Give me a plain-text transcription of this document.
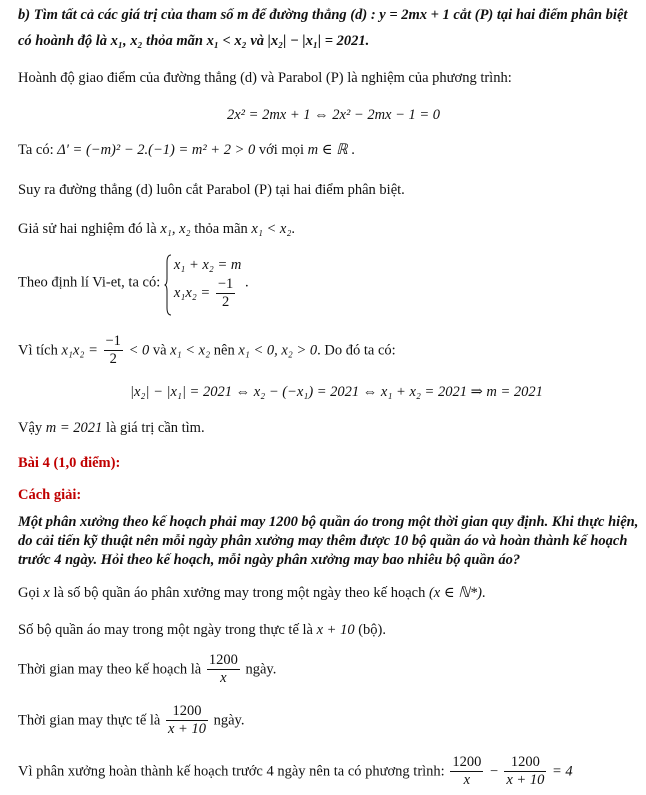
b) Tìm tất cả các giá trị của tham số m để đường thẳng (d) : y = 2mx + 1 cắt (P) tại hai điểm phân biệt
có hoành độ là x₁, x₂ thỏa mãn x₁ < x₂ và |x₂| − |x₁| = 2021.
Hoành độ giao điểm của đường thẳng (d) và Parabol (P) là nghiệm của phương trình:
2x² = 2mx + 1 ⇔ 2x² − 2mx − 1 = 0
Ta có: Δ′ = (−m)² − 2.(−1) = m² + 2 > 0 với mọi m ∈ ℝ .
Suy ra đường thẳng (d) luôn cắt Parabol (P) tại hai điểm phân biệt.
Giả sử hai nghiệm đó là x₁, x₂ thỏa mãn x₁ < x₂.
Theo định lí Vi-et, ta có:
x₁ + x₂ = m
$x_1x_2 = \frac{-1}{2}$ .
Vì tích $x_1x_2 = \frac{-1}{2} < 0$ và x₁ < x₂ nên x₁ < 0, x₂ > 0. Do đó ta có:
|x₂| − |x₁| = 2021 ⇔ x₂ − (−x₁) = 2021 ⇔ x₁ + x₂ = 2021 ⇒ m = 2021
Vậy m = 2021 là giá trị cần tìm.
Bài 4 (1,0 điểm):
Cách giải:
Một phân xưởng theo kế hoạch phải may 1200 bộ quần áo trong một thời gian quy định. Khi thực hiện,
do cải tiến kỹ thuật nên mỗi ngày phân xưởng may thêm được 10 bộ quần áo và hoàn thành kế hoạch
trước 4 ngày. Hỏi theo kế hoạch, mỗi ngày phân xưởng may bao nhiêu bộ quần áo?
Gọi x là số bộ quần áo phân xưởng may trong một ngày theo kế hoạch (x ∈ ℕ*).
Số bộ quần áo may trong một ngày trong thực tế là x + 10 (bộ).
Thời gian may theo kế hoạch là $\frac{1200}{x}$ ngày.
Thời gian may thực tế là $\frac{1200}{x + 10}$ ngày.
Vì phân xưởng hoàn thành kế hoạch trước 4 ngày nên ta có phương trình: $\frac{1200}{x} - \frac{1200}{x + 10} = 4$
